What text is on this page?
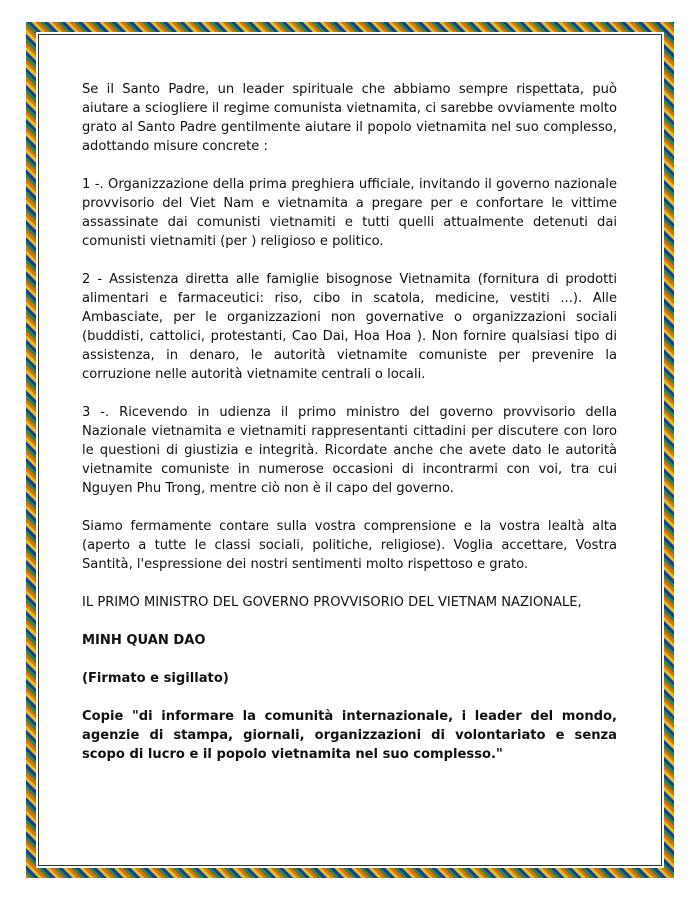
Se il Santo Padre, un leader spirituale che abbiamo sempre rispettata, può aiutare a sciogliere il regime comunista vietnamita, ci sarebbe ovviamente molto grato al Santo Padre gentilmente aiutare il popolo vietnamita nel suo complesso, adottando misure concrete :

1 -. Organizzazione della prima preghiera ufficiale, invitando il governo nazionale provvisorio del Viet Nam e vietnamita a pregare per e confortare le vittime assassinate dai comunisti vietnamiti e tutti quelli attualmente detenuti dai comunisti vietnamiti (per ) religioso e politico.

2 - Assistenza diretta alle famiglie bisognose Vietnamita (fornitura di prodotti alimentari e farmaceutici: riso, cibo in scatola, medicine, vestiti ...). Alle Ambasciate, per le organizzazioni non governative o organizzazioni sociali (buddisti, cattolici, protestanti, Cao Dai, Hoa Hoa ). Non fornire qualsiasi tipo di assistenza, in denaro, le autorità vietnamite comuniste per prevenire la corruzione nelle autorità vietnamite centrali o locali.

3 -. Ricevendo in udienza il primo ministro del governo provvisorio della Nazionale vietnamita e vietnamiti rappresentanti cittadini per discutere con loro le questioni di giustizia e integrità. Ricordate anche che avete dato le autorità vietnamite comuniste in numerose occasioni di incontrarmi con voi, tra cui Nguyen Phu Trong, mentre ciò non è il capo del governo.

Siamo fermamente contare sulla vostra comprensione e la vostra lealtà alta (aperto a tutte le classi sociali, politiche, religiose). Voglia accettare, Vostra Santità, l'espressione dei nostri sentimenti molto rispettoso e grato.

IL PRIMO MINISTRO DEL GOVERNO PROVVISORIO DEL VIETNAM NAZIONALE,

MINH QUAN DAO

(Firmato e sigillato)

Copie "di informare la comunità internazionale, i leader del mondo, agenzie di stampa, giornali, organizzazioni di volontariato e senza scopo di lucro e il popolo vietnamita nel suo complesso."
